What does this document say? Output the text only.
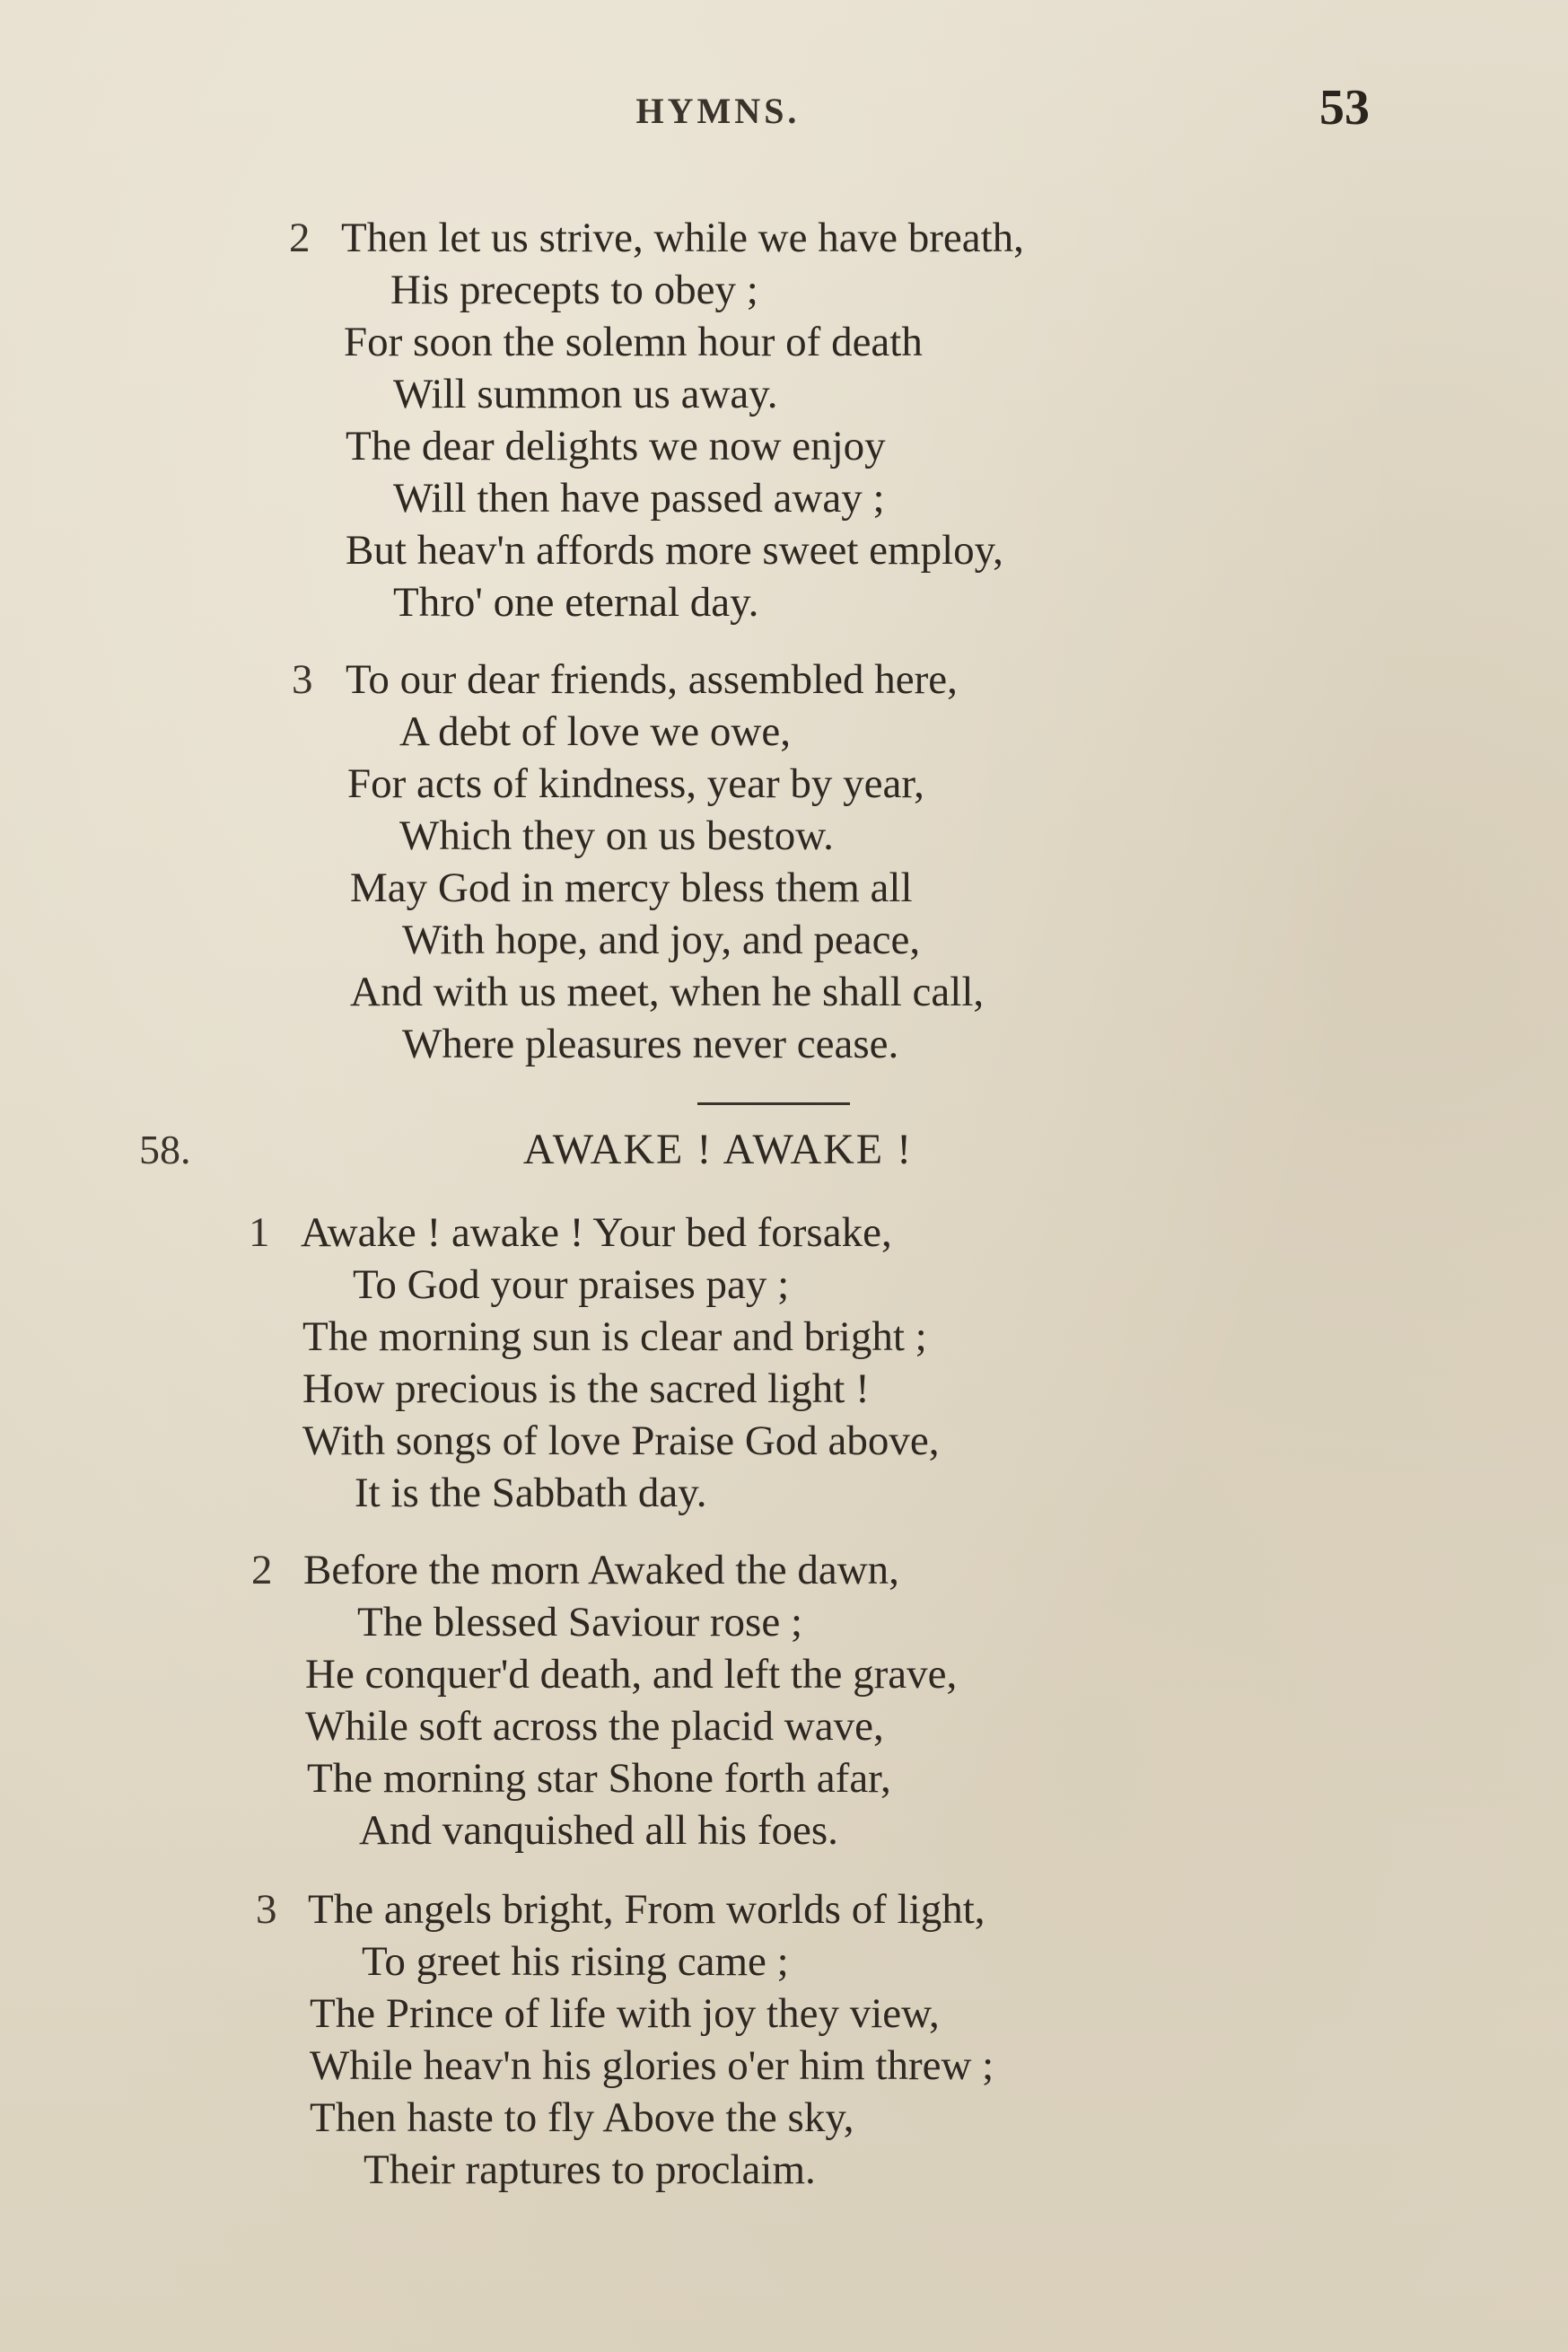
HYMNS.	53
2 Then let us strive, while we have breath,
His precepts to obey ;
For soon the solemn hour of death
Will summon us away.
The dear delights we now enjoy
Will then have passed away ;
But heav'n affords more sweet employ,
Thro' one eternal day.
3 To our dear friends, assembled here,
A debt of love we owe,
For acts of kindness, year by year,
Which they on us bestow.
May God in mercy bless them all
With hope, and joy, and peace,
And with us meet, when he shall call,
Where pleasures never cease.
58.	AWAKE ! AWAKE !
1 Awake ! awake ! Your bed forsake,
To God your praises pay ;
The morning sun is clear and bright ;
How precious is the sacred light !
With songs of love Praise God above,
It is the Sabbath day.
2 Before the morn Awaked the dawn,
The blessed Saviour rose ;
He conquer'd death, and left the grave,
While soft across the placid wave,
The morning star Shone forth afar,
And vanquished all his foes.
3 The angels bright, From worlds of light,
To greet his rising came ;
The Prince of life with joy they view,
While heav'n his glories o'er him threw ;
Then haste to fly Above the sky,
Their raptures to proclaim.
